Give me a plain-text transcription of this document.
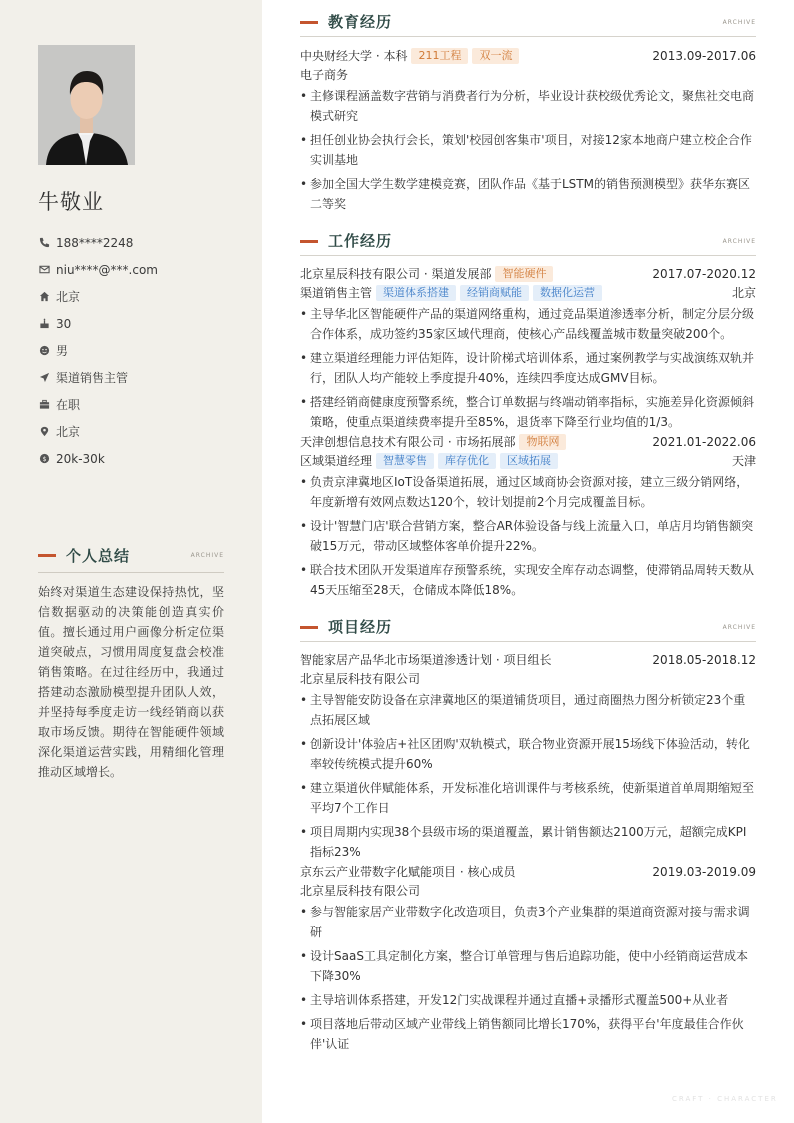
牛敬业
188****2248
niu****@***.com
北京
30
男
渠道销售主管
在职
北京
$ 20k-30k
个人总结	ARCHIVE
始终对渠道生态建设保持热忱，坚信数据驱动的决策能创造真实价值。擅长通过用户画像分析定位渠道突破点，习惯用周度复盘会校准销售策略。在过往经历中，我通过搭建动态激励模型提升团队人效，并坚持每季度走访一线经销商以获取市场反馈。期待在智能硬件领域深化渠道运营实践，用精细化管理推动区域增长。
教育经历	ARCHIVE
中央财经大学 · 本科	211工程	双一流	2013.09-2017.06
电子商务
• 主修课程涵盖数字营销与消费者行为分析，毕业设计获校级优秀论文，聚焦社交电商模式研究
• 担任创业协会执行会长，策划'校园创客集市'项目，对接12家本地商户建立校企合作实训基地
• 参加全国大学生数学建模竞赛，团队作品《基于LSTM的销售预测模型》获华东赛区二等奖
工作经历	ARCHIVE
北京星辰科技有限公司 · 渠道发展部	智能硬件	2017.07-2020.12
渠道销售主管	渠道体系搭建	经销商赋能	数据化运营	北京
• 主导华北区智能硬件产品的渠道网络重构，通过竞品渠道渗透率分析，制定分层分级合作体系，成功签约35家区域代理商，使核心产品线覆盖城市数量突破200个。
• 建立渠道经理能力评估矩阵，设计阶梯式培训体系，通过案例教学与实战演练双轨并行，团队人均产能较上季度提升40%，连续四季度达成GMV目标。
• 搭建经销商健康度预警系统，整合订单数据与终端动销率指标，实施差异化资源倾斜策略，使重点渠道续费率提升至85%，退货率下降至行业均值的1/3。
天津创想信息技术有限公司 · 市场拓展部	物联网	2021.01-2022.06
区域渠道经理	智慧零售	库存优化	区域拓展	天津
• 负责京津冀地区IoT设备渠道拓展，通过区域商协会资源对接，建立三级分销网络，年度新增有效网点数达120个，较计划提前2个月完成覆盖目标。
• 设计'智慧门店'联合营销方案，整合AR体验设备与线上流量入口，单店月均销售额突破15万元，带动区域整体客单价提升22%。
• 联合技术团队开发渠道库存预警系统，实现安全库存动态调整，使滞销品周转天数从45天压缩至28天，仓储成本降低18%。
项目经历	ARCHIVE
智能家居产品华北市场渠道渗透计划 · 项目组长	2018.05-2018.12
北京星辰科技有限公司
• 主导智能安防设备在京津冀地区的渠道铺货项目，通过商圈热力图分析锁定23个重点拓展区域
• 创新设计'体验店+社区团购'双轨模式，联合物业资源开展15场线下体验活动，转化率较传统模式提升60%
• 建立渠道伙伴赋能体系，开发标准化培训课件与考核系统，使新渠道首单周期缩短至平均7个工作日
• 项目周期内实现38个县级市场的渠道覆盖，累计销售额达2100万元，超额完成KPI指标23%
京东云产业带数字化赋能项目 · 核心成员	2019.03-2019.09
北京星辰科技有限公司
• 参与智能家居产业带数字化改造项目，负责3个产业集群的渠道商资源对接与需求调研
• 设计SaaS工具定制化方案，整合订单管理与售后追踪功能，使中小经销商运营成本下降30%
• 主导培训体系搭建，开发12门实战课程并通过直播+录播形式覆盖500+从业者
• 项目落地后带动区域产业带线上销售额同比增长170%，获得平台'年度最佳合作伙伴'认证
CRAFT · CHARACTER
